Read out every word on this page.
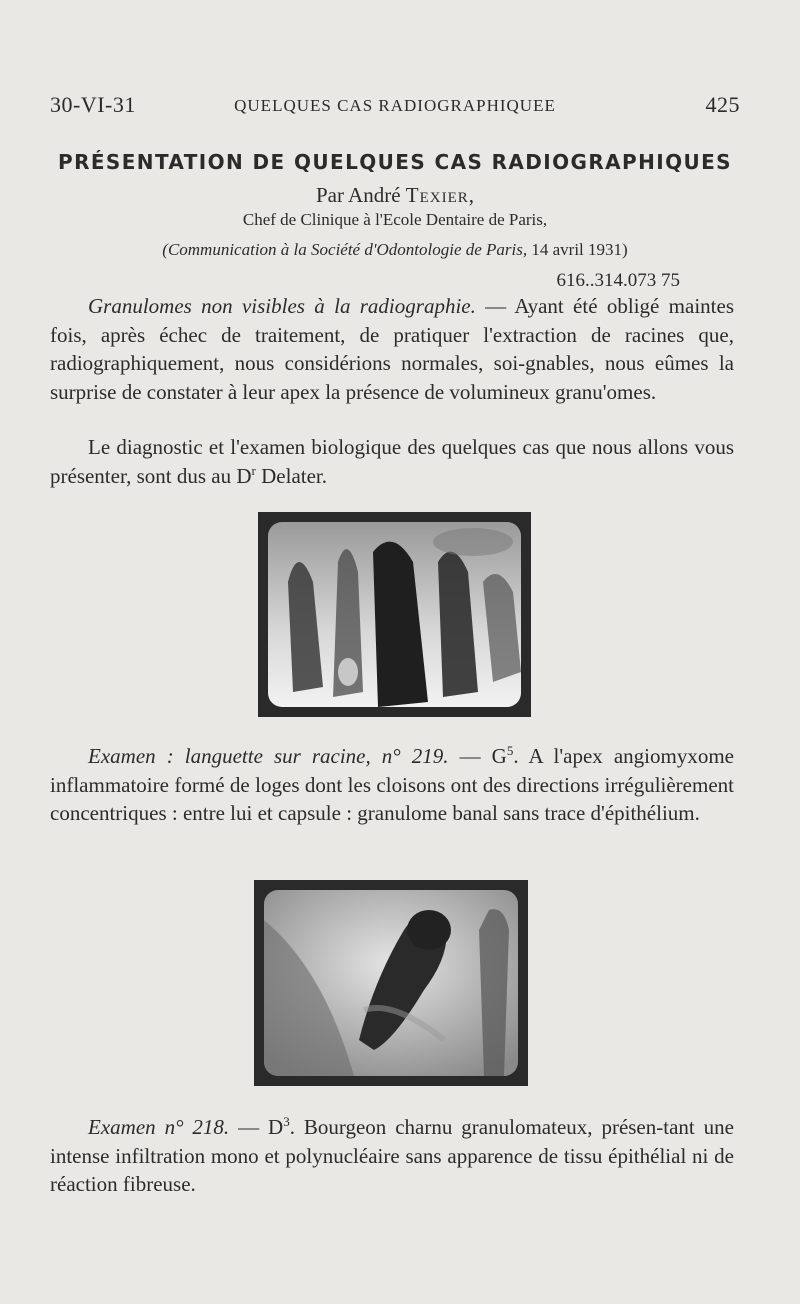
30-VI-31	QUELQUES CAS RADIOGRAPHIQUEE	425
PRÉSENTATION DE QUELQUES CAS RADIOGRAPHIQUES
Par André Texier,
Chef de Clinique à l'Ecole Dentaire de Paris,
(Communication à la Société d'Odontologie de Paris, 14 avril 1931)
616..314.073 75
Granulomes non visibles à la radiographie. — Ayant été obligé maintes fois, après échec de traitement, de pratiquer l'extraction de racines que, radiographiquement, nous considérions normales, soi-gnables, nous eûmes la surprise de constater à leur apex la présence de volumineux granu'omes.
Le diagnostic et l'examen biologique des quelques cas que nous allons vous présenter, sont dus au $D^r$ Delater.
Examen : languette sur racine, n° 219. — $G^5$. A l'apex angiomyxome inflammatoire formé de loges dont les cloisons ont des directions irrégulièrement concentriques : entre lui et capsule : granulome banal sans trace d'épithélium.
Examen n° 218. — $D^3$. Bourgeon charnu granulomateux, présen-tant une intense infiltration mono et polynucléaire sans apparence de tissu épithélial ni de réaction fibreuse.
